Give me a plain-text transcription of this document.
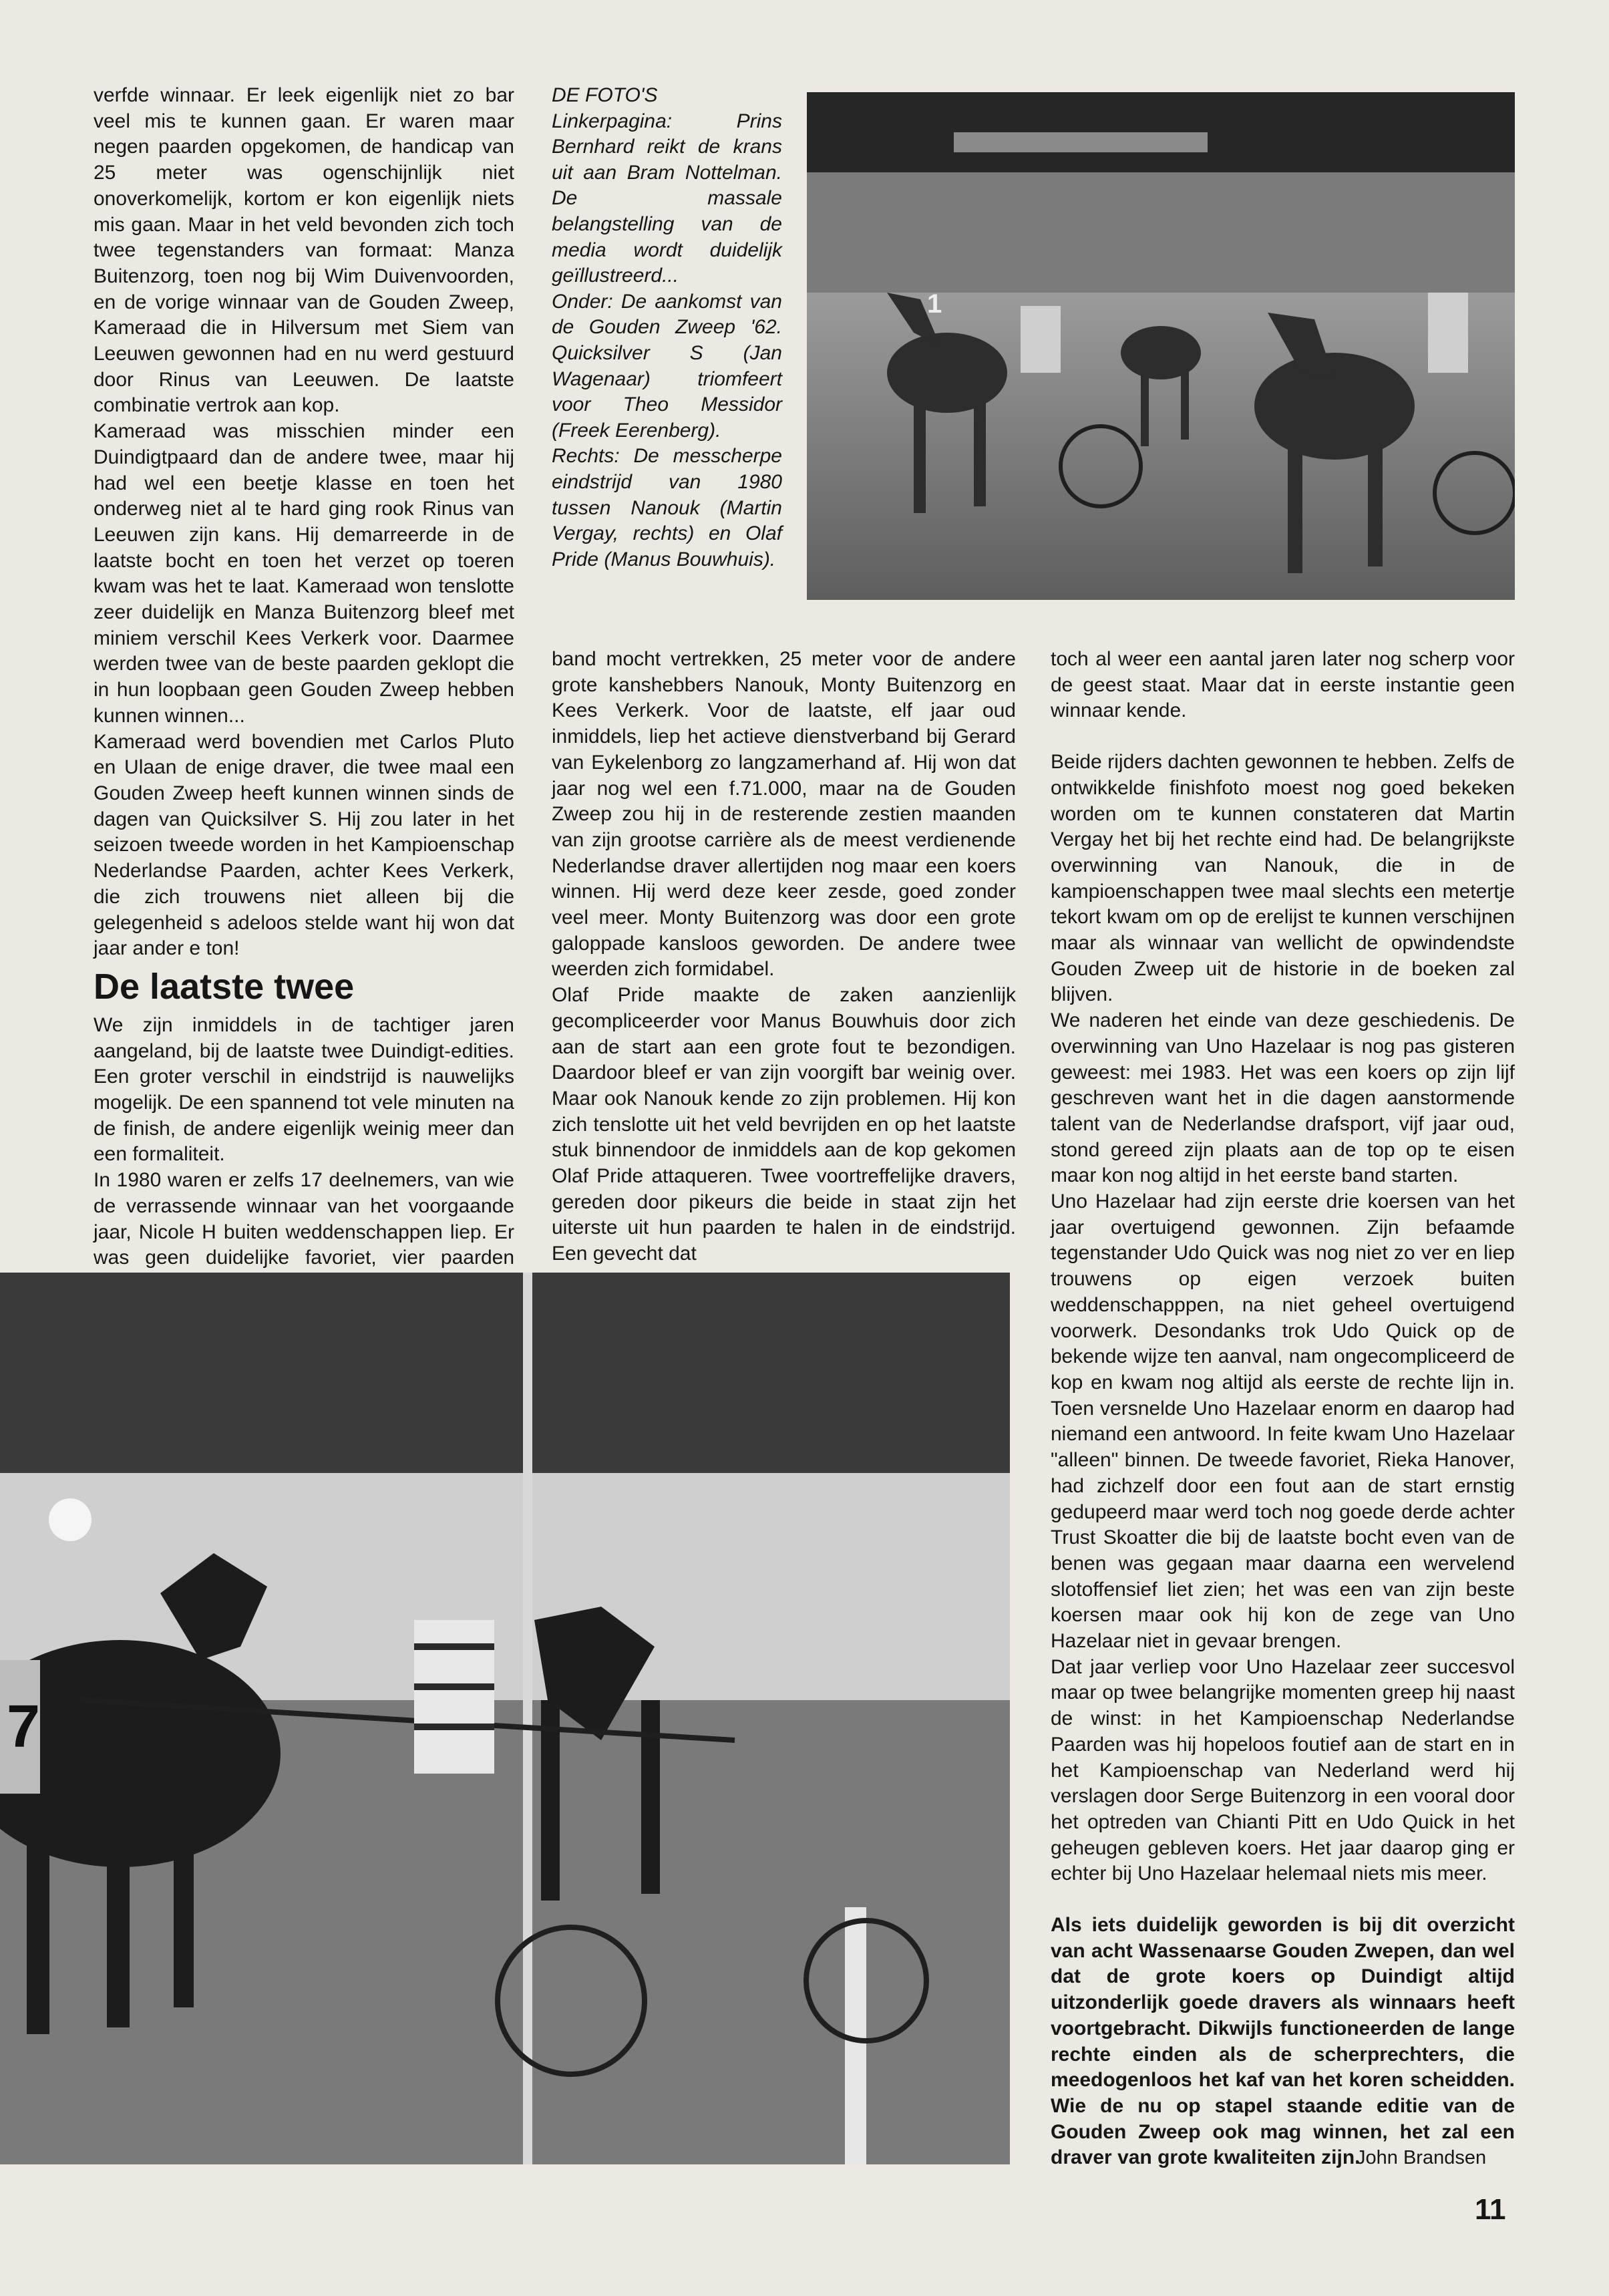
verfde winnaar. Er leek eigenlijk niet zo bar veel mis te kunnen gaan. Er waren maar negen paarden opgekomen, de handicap van 25 meter was ogenschijnlijk niet onoverkomelijk, kortom er kon eigenlijk niets mis gaan. Maar in het veld bevonden zich toch twee tegenstanders van formaat: Manza Buitenzorg, toen nog bij Wim Duivenvoorden, en de vorige winnaar van de Gouden Zweep, Kameraad die in Hilversum met Siem van Leeuwen gewonnen had en nu werd gestuurd door Rinus van Leeuwen. De laatste combinatie vertrok aan kop.

Kameraad was misschien minder een Duindigtpaard dan de andere twee, maar hij had wel een beetje klasse en toen het onderweg niet al te hard ging rook Rinus van Leeuwen zijn kans. Hij demarreerde in de laatste bocht en toen het verzet op toeren kwam was het te laat. Kameraad won tenslotte zeer duidelijk en Manza Buitenzorg bleef met miniem verschil Kees Verkerk voor. Daarmee werden twee van de beste paarden geklopt die in hun loopbaan geen Gouden Zweep hebben kunnen winnen...

Kameraad werd bovendien met Carlos Pluto en Ulaan de enige draver, die twee maal een Gouden Zweep heeft kunnen winnen sinds de dagen van Quicksilver S. Hij zou later in het seizoen tweede worden in het Kampioenschap Nederlandse Paarden, achter Kees Verkerk, die zich trouwens niet alleen bij die gelegenheid s adeloos stelde want hij won dat jaar ander e ton!

De laatste twee

We zijn inmiddels in de tachtiger jaren aangeland, bij de laatste twee Duindigt-edities. Een groter verschil in eindstrijd is nauwelijks mogelijk. De een spannend tot vele minuten na de finish, de andere eigenlijk weinig meer dan een formaliteit.

In 1980 waren er zelfs 17 deelnemers, van wie de verrassende winnaar van het voorgaande jaar, Nicole H buiten weddenschappen liep. Er was geen duidelijke favoriet, vier paarden

DE FOTO'S

Linkerpagina: Prins Bernhard reikt de krans uit aan Bram Nottelman. De massale belangstelling van de media wordt duidelijk geïllustreerd...

Onder: De aankomst van de Gouden Zweep '62. Quicksilver S (Jan Wagenaar) triomfeert voor Theo Messidor (Freek Eerenberg).

Rechts: De messcherpe eindstrijd van 1980 tussen Nanouk (Martin Vergay, rechts) en Olaf Pride (Manus Bouwhuis).

1

band mocht vertrekken, 25 meter voor de andere grote kanshebbers Nanouk, Monty Buitenzorg en Kees Verkerk. Voor de laatste, elf jaar oud inmiddels, liep het actieve dienstverband bij Gerard van Eykelenborg zo langzamerhand af. Hij won dat jaar nog wel een f.71.000, maar na de Gouden Zweep zou hij in de resterende zestien maanden van zijn grootse carrière als de meest verdienende Nederlandse draver allertijden nog maar een koers winnen. Hij werd deze keer zesde, goed zonder veel meer. Monty Buitenzorg was door een grote galoppade kansloos geworden. De andere twee weerden zich formidabel.

Olaf Pride maakte de zaken aanzienlijk gecompliceerder voor Manus Bouwhuis door zich aan de start aan een grote fout te bezondigen. Daardoor bleef er van zijn voorgift bar weinig over. Maar ook Nanouk kende zo zijn problemen. Hij kon zich tenslotte uit het veld bevrijden en op het laatste stuk binnendoor de inmiddels aan de kop gekomen Olaf Pride attaqueren. Twee voortreffelijke dravers, gereden door pikeurs die beide in staat zijn het uiterste uit hun paarden te halen in de eindstrijd. Een gevecht dat

toch al weer een aantal jaren later nog scherp voor de geest staat. Maar dat in eerste instantie geen winnaar kende.

Beide rijders dachten gewonnen te hebben. Zelfs de ontwikkelde finishfoto moest nog goed bekeken worden om te kunnen constateren dat Martin Vergay het bij het rechte eind had. De belangrijkste overwinning van Nanouk, die in de kampioenschappen twee maal slechts een metertje tekort kwam om op de erelijst te kunnen verschijnen maar als winnaar van wellicht de opwindendste Gouden Zweep uit de historie in de boeken zal blijven.

We naderen het einde van deze geschiedenis. De overwinning van Uno Hazelaar is nog pas gisteren geweest: mei 1983. Het was een koers op zijn lijf geschreven want het in die dagen aanstormende talent van de Nederlandse drafsport, vijf jaar oud, stond gereed zijn plaats aan de top op te eisen maar kon nog altijd in het eerste band starten.

Uno Hazelaar had zijn eerste drie koersen van het jaar overtuigend gewonnen. Zijn befaamde tegenstander Udo Quick was nog niet zo ver en liep trouwens op eigen verzoek buiten weddenschapppen, na niet geheel overtuigend voorwerk. Desondanks trok Udo Quick op de bekende wijze ten aanval, nam ongecompliceerd de kop en kwam nog altijd als eerste de rechte lijn in. Toen versnelde Uno Hazelaar enorm en daarop had niemand een antwoord. In feite kwam Uno Hazelaar "alleen" binnen. De tweede favoriet, Rieka Hanover, had zichzelf door een fout aan de start ernstig gedupeerd maar werd toch nog goede derde achter Trust Skoatter die bij de laatste bocht even van de benen was gegaan maar daarna een wervelend slotoffensief liet zien; het was een van zijn beste koersen maar ook hij kon de zege van Uno Hazelaar niet in gevaar brengen.

Dat jaar verliep voor Uno Hazelaar zeer succesvol maar op twee belangrijke momenten greep hij naast de winst: in het Kampioenschap Nederlandse Paarden was hij hopeloos foutief aan de start en in het Kampioenschap van Nederland werd hij verslagen door Serge Buitenzorg in een vooral door het optreden van Chianti Pitt en Udo Quick in het geheugen gebleven koers. Het jaar daarop ging er echter bij Uno Hazelaar helemaal niets mis meer.

Als iets duidelijk geworden is bij dit overzicht van acht Wassenaarse Gouden Zwepen, dan wel dat de grote koers op Duindigt altijd uitzonderlijk goede dravers als winnaars heeft voortgebracht. Dikwijls functioneerden de lange rechte einden als de scherprechters, die meedogenloos het kaf van het koren scheidden. Wie de nu op stapel staande editie van de Gouden Zweep ook mag winnen, het zal een draver van grote kwaliteiten zijn.

John Brandsen
7
11
